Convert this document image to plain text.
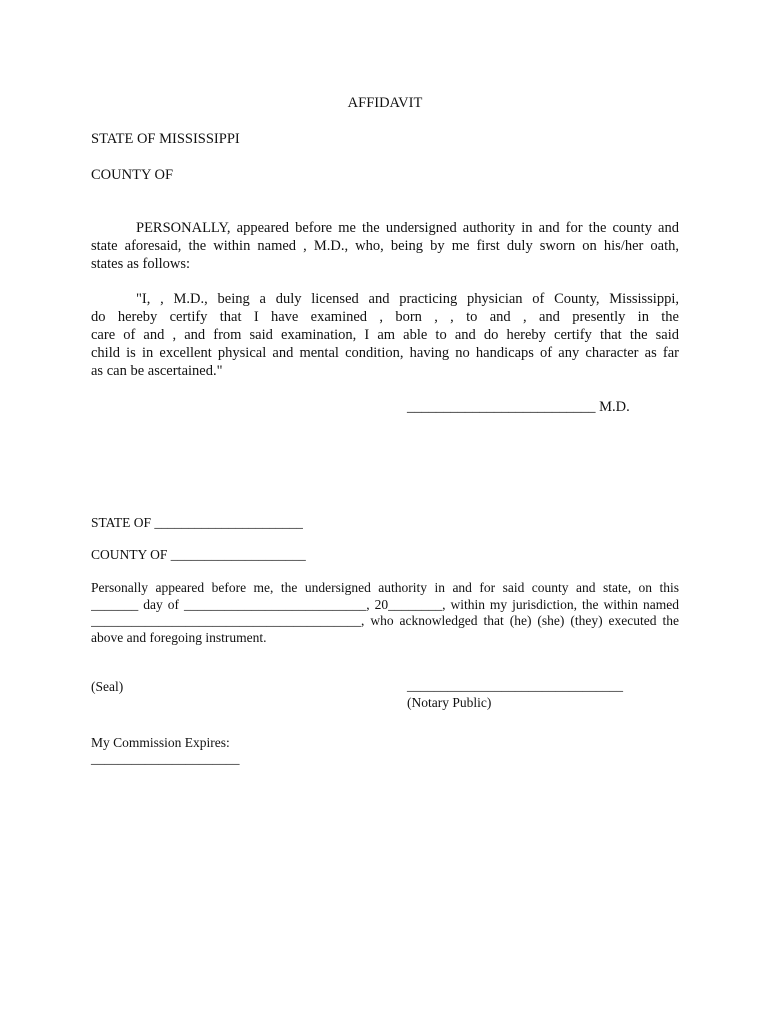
AFFIDAVIT
STATE OF MISSISSIPPI
COUNTY OF
PERSONALLY, appeared before me the undersigned authority in and for the county and
state aforesaid, the within named , M.D., who, being by me first duly sworn on his/her oath,
states as follows:
"I, , M.D., being a duly licensed and practicing physician of County, Mississippi,
do hereby certify that I have examined , born , , to and , and presently in the
care of and , and from said examination, I am able to and do hereby certify that the said
child is in excellent physical and mental condition, having no handicaps of any character as far
as can be ascertained."
__________________________ M.D.
STATE OF ______________________
COUNTY OF ____________________
Personally appeared before me, the undersigned authority in and for said county and state, on this
_______ day of ___________________________, 20________, within my jurisdiction, the within named
________________________________________, who acknowledged that (he) (she) (they) executed the
above and foregoing instrument.
(Seal)	________________________________
(Notary Public)
My Commission Expires:
______________________
